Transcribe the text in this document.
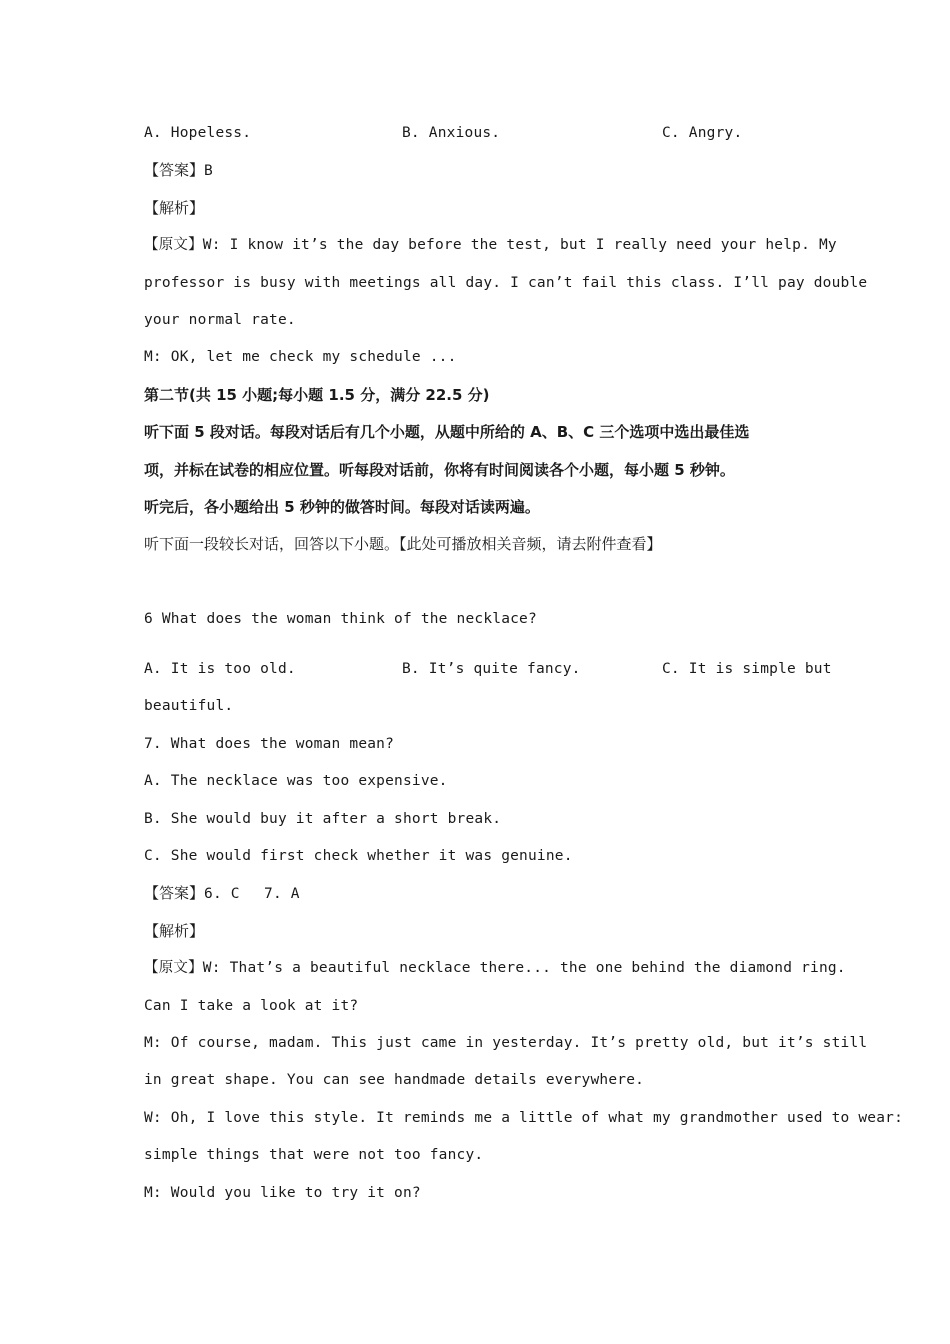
A. Hopeless.	B. Anxious.	C. Angry.
【答案】B
【解析】
【原文】W: I know it’s the day before the test, but I really need your help. My
professor is busy with meetings all day. I can’t fail this class. I’ll pay double
your normal rate.
M: OK, let me check my schedule ...
第二节(共 15 小题;每小题 1.5 分，满分 22.5 分)
听下面 5 段对话。每段对话后有几个小题，从题中所给的 A、B、C 三个选项中选出最佳选
项，并标在试卷的相应位置。听每段对话前，你将有时间阅读各个小题，每小题 5 秒钟。
听完后，各小题给出 5 秒钟的做答时间。每段对话读两遍。
听下面一段较长对话，回答以下小题。【此处可播放相关音频，请去附件查看】
6 What does the woman think of the necklace?
A. It is too old.	B. It’s quite fancy.	C. It is simple but
beautiful.
7. What does the woman mean?
A. The necklace was too expensive.
B. She would buy it after a short break.
C. She would first check whether it was genuine.
【答案】6. C 7. A
【解析】
【原文】W: That’s a beautiful necklace there... the one behind the diamond ring.
Can I take a look at it?
M: Of course, madam. This just came in yesterday. It’s pretty old, but it’s still
in great shape. You can see handmade details everywhere.
W: Oh, I love this style. It reminds me a little of what my grandmother used to wear:
simple things that were not too fancy.
M: Would you like to try it on?
